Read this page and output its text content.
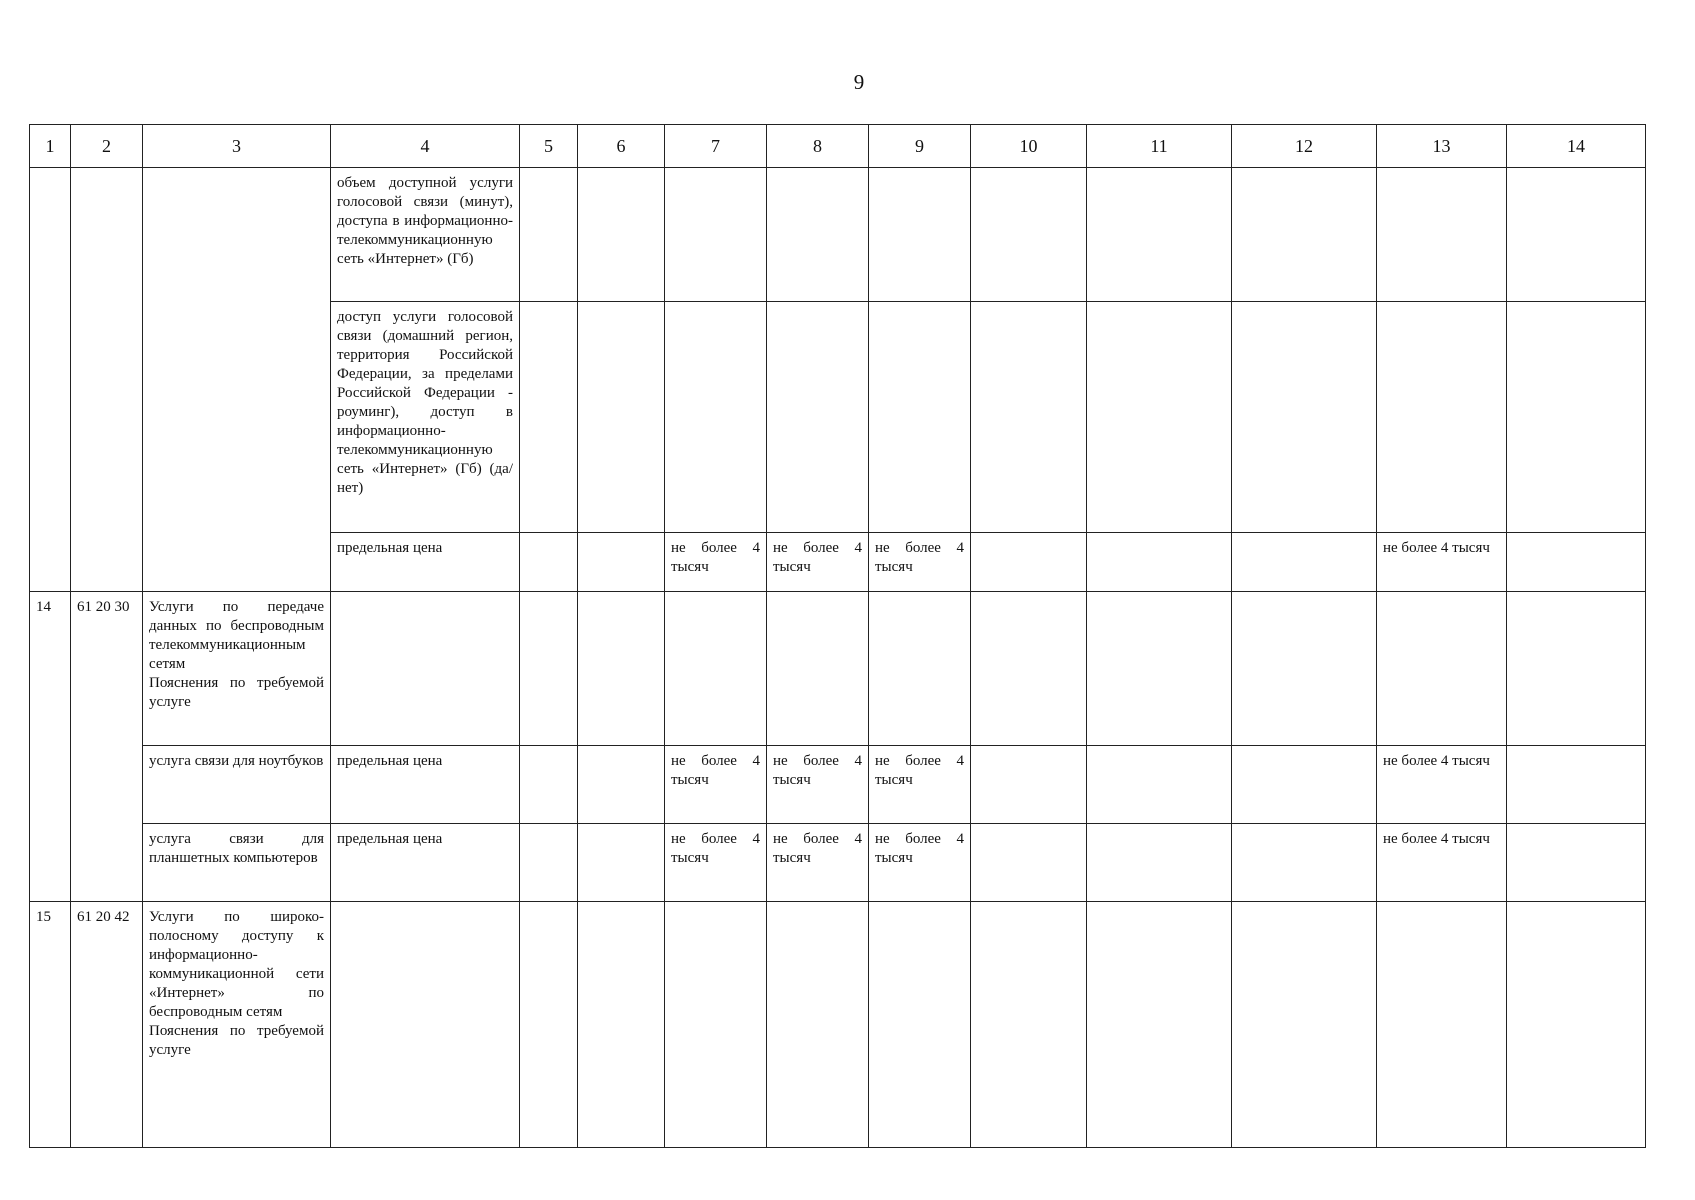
9
1	2	3	4	5	6	7	8	9	10	11	12	13	14
			объем доступной услуги голосовой связи (минут), доступа в информационно-телекоммуникационную сеть «Интернет» (Гб)										
			доступ услуги голосовой связи (домашний регион, территория Российской Федерации, за пределами Российской Федерации - роуминг), доступ в информационно-телекоммуникационную сеть «Интернет» (Гб) (да/нет)										
			предельная цена			не более 4 тысяч	не более 4 тысяч	не более 4 тысяч				не более 4 тысяч	
14	61 20 30	Услуги по передаче данных по беспроводным телекоммуникационным сетям
Пояснения по требуемой услуге											
		услуга связи для ноутбуков	предельная цена			не более 4 тысяч	не более 4 тысяч	не более 4 тысяч				не более 4 тысяч	
		услуга связи для планшетных компьютеров	предельная цена			не более 4 тысяч	не более 4 тысяч	не более 4 тысяч				не более 4 тысяч	
15	61 20 42	Услуги по широко-полосному доступу к информационно-коммуникационной сети «Интернет» по беспроводным сетям
Пояснения по требуемой услуге											
